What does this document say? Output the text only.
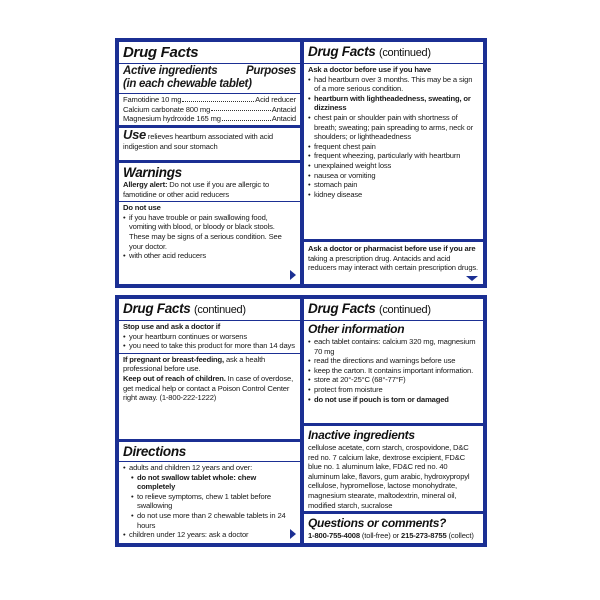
Drug Facts
Active ingredients Purposes
(in each chewable tablet)
Famotidine 10 mg	Acid reducer
Calcium carbonate 800 mg	Antacid
Magnesium hydroxide 165 mg	Antacid
Use relieves heartburn associated with acid indigestion and sour stomach
Warnings
Allergy alert: Do not use if you are allergic to famotidine or other acid reducers
Do not use
• if you have trouble or pain swallowing food, vomiting with blood, or bloody or black stools. These may be signs of a serious condition. See your doctor.
• with other acid reducers
Drug Facts (continued)
Ask a doctor before use if you have
• had heartburn over 3 months. This may be a sign of a more serious condition.
• heartburn with lightheadedness, sweating, or dizziness
• chest pain or shoulder pain with shortness of breath; sweating; pain spreading to arms, neck or shoulders; or lightheadedness
• frequent chest pain
• frequent wheezing, particularly with heartburn
• unexplained weight loss
• nausea or vomiting
• stomach pain
• kidney disease
Ask a doctor or pharmacist before use if you are
taking a prescription drug. Antacids and acid reducers may interact with certain prescription drugs.
Drug Facts (continued)
Stop use and ask a doctor if
• your heartburn continues or worsens
• you need to take this product for more than 14 days
If pregnant or breast-feeding, ask a health professional before use.
Keep out of reach of children. In case of overdose, get medical help or contact a Poison Control Center right away. (1-800-222-1222)
Directions
• adults and children 12 years and over:
• do not swallow tablet whole: chew completely
• to relieve symptoms, chew 1 tablet before swallowing
• do not use more than 2 chewable tablets in 24 hours
• children under 12 years: ask a doctor
Drug Facts (continued)
Other information
• each tablet contains: calcium 320 mg, magnesium 70 mg
• read the directions and warnings before use
• keep the carton. It contains important information.
• store at 20°-25°C (68°-77°F)
• protect from moisture
• do not use if pouch is torn or damaged
Inactive ingredients
cellulose acetate, corn starch, crospovidone, D&C red no. 7 calcium lake, dextrose excipient, FD&C blue no. 1 aluminum lake, FD&C red no. 40 aluminum lake, flavors, gum arabic, hydroxypropyl cellulose, hypromellose, lactose monohydrate, magnesium stearate, maltodextrin, mineral oil, modified starch, sucralose
Questions or comments?
1-800-755-4008 (toll-free) or 215-273-8755 (collect)
